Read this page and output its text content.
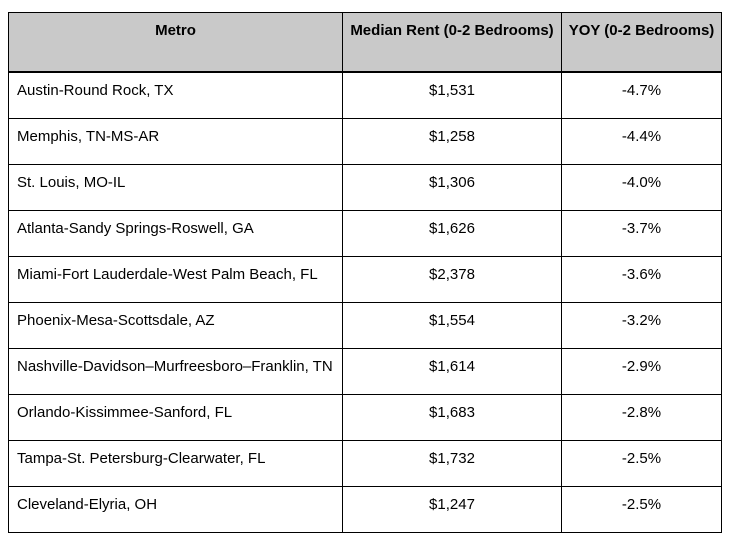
Metro	Median Rent (0-2 Bedrooms)	YOY (0-2 Bedrooms)
Austin-Round Rock, TX	$1,531	-4.7%
Memphis, TN-MS-AR	$1,258	-4.4%
St. Louis, MO-IL	$1,306	-4.0%
Atlanta-Sandy Springs-Roswell, GA	$1,626	-3.7%
Miami-Fort Lauderdale-West Palm Beach, FL	$2,378	-3.6%
Phoenix-Mesa-Scottsdale, AZ	$1,554	-3.2%
Nashville-Davidson–Murfreesboro–Franklin, TN	$1,614	-2.9%
Orlando-Kissimmee-Sanford, FL	$1,683	-2.8%
Tampa-St. Petersburg-Clearwater, FL	$1,732	-2.5%
Cleveland-Elyria, OH	$1,247	-2.5%
